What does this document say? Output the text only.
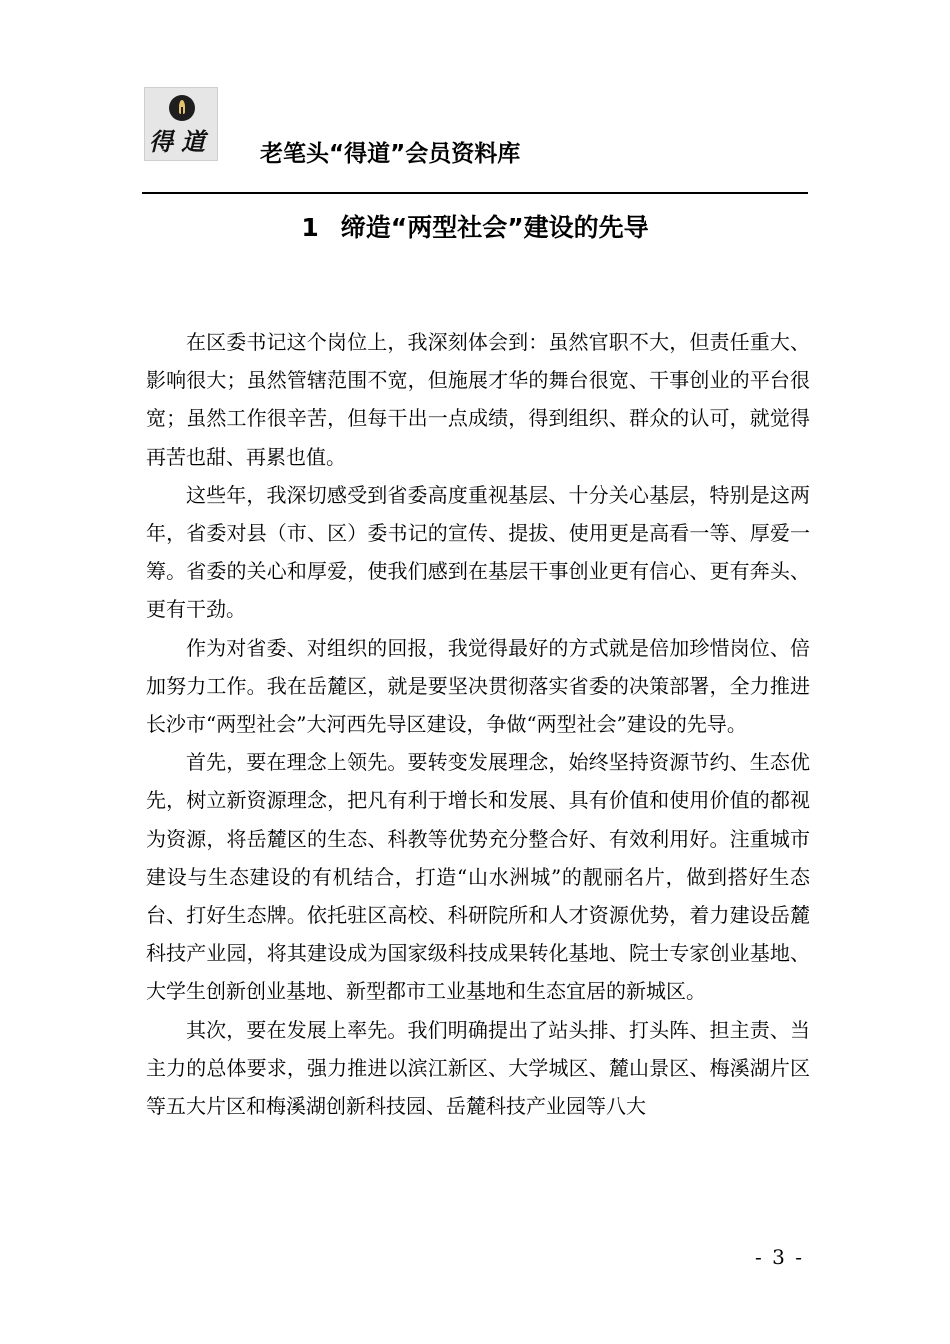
得道 老笔头“得道”会员资料库
1 缔造“两型社会”建设的先导

在区委书记这个岗位上，我深刻体会到：虽然官职不大，但责任重大、影响很大；虽然管辖范围不宽，但施展才华的舞台很宽、干事创业的平台很宽；虽然工作很辛苦，但每干出一点成绩，得到组织、群众的认可，就觉得再苦也甜、再累也值。

这些年，我深切感受到省委高度重视基层、十分关心基层，特别是这两年，省委对县（市、区）委书记的宣传、提拔、使用更是高看一等、厚爱一筹。省委的关心和厚爱，使我们感到在基层干事创业更有信心、更有奔头、更有干劲。

作为对省委、对组织的回报，我觉得最好的方式就是倍加珍惜岗位、倍加努力工作。我在岳麓区，就是要坚决贯彻落实省委的决策部署，全力推进长沙市“两型社会”大河西先导区建设，争做“两型社会”建设的先导。

首先，要在理念上领先。要转变发展理念，始终坚持资源节约、生态优先，树立新资源理念，把凡有利于增长和发展、具有价值和使用价值的都视为资源，将岳麓区的生态、科教等优势充分整合好、有效利用好。注重城市建设与生态建设的有机结合，打造“山水洲城”的靓丽名片，做到搭好生态台、打好生态牌。依托驻区高校、科研院所和人才资源优势，着力建设岳麓科技产业园，将其建设成为国家级科技成果转化基地、院士专家创业基地、大学生创新创业基地、新型都市工业基地和生态宜居的新城区。

其次，要在发展上率先。我们明确提出了站头排、打头阵、担主责、当主力的总体要求，强力推进以滨江新区、大学城区、麓山景区、梅溪湖片区等五大片区和梅溪湖创新科技园、岳麓科技产业园等八大

- 3 -
